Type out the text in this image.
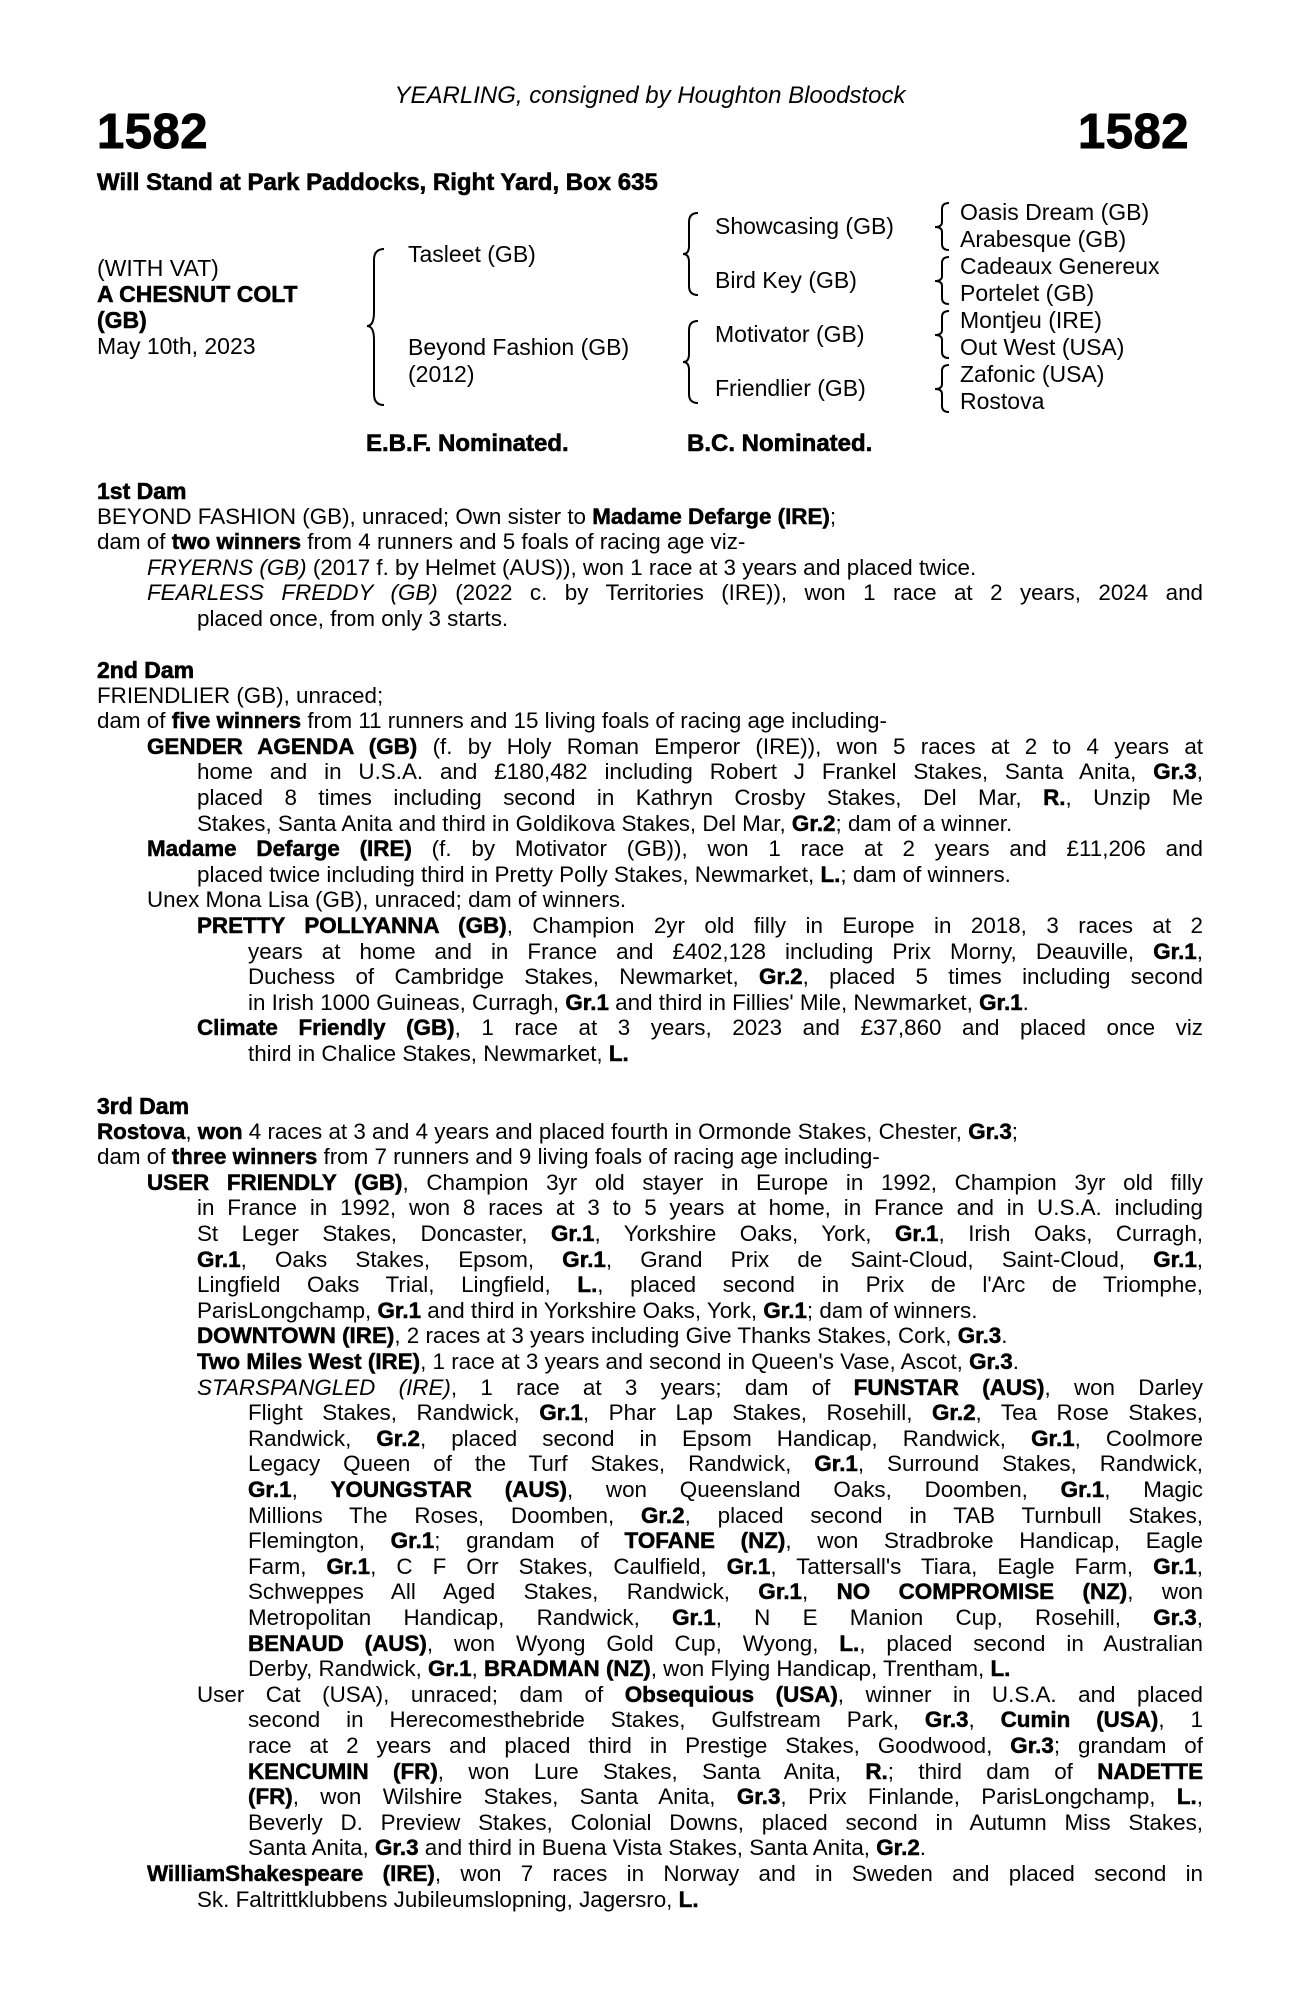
YEARLING, consigned by Houghton Bloodstock
1582	1582
Will Stand at Park Paddocks, Right Yard, Box 635
(WITH VAT)
A CHESNUT COLT
(GB)
May 10th, 2023
Tasleet (GB)
Beyond Fashion (GB)
(2012)
Showcasing (GB)
Bird Key (GB)
Motivator (GB)
Friendlier (GB)
Oasis Dream (GB)
Arabesque (GB)
Cadeaux Genereux
Portelet (GB)
Montjeu (IRE)
Out West (USA)
Zafonic (USA)
Rostova
E.B.F. Nominated.	B.C. Nominated.
1st Dam
BEYOND FASHION (GB), unraced; Own sister to Madame Defarge (IRE);
dam of two winners from 4 runners and 5 foals of racing age viz-
FRYERNS (GB) (2017 f. by Helmet (AUS)), won 1 race at 3 years and placed twice.
FEARLESS FREDDY (GB) (2022 c. by Territories (IRE)), won 1 race at 2 years, 2024 and
placed once, from only 3 starts.
2nd Dam
FRIENDLIER (GB), unraced;
dam of five winners from 11 runners and 15 living foals of racing age including-
GENDER AGENDA (GB) (f. by Holy Roman Emperor (IRE)), won 5 races at 2 to 4 years at
home and in U.S.A. and £180,482 including Robert J Frankel Stakes, Santa Anita, Gr.3,
placed 8 times including second in Kathryn Crosby Stakes, Del Mar, R., Unzip Me
Stakes, Santa Anita and third in Goldikova Stakes, Del Mar, Gr.2; dam of a winner.
Madame Defarge (IRE) (f. by Motivator (GB)), won 1 race at 2 years and £11,206 and
placed twice including third in Pretty Polly Stakes, Newmarket, L.; dam of winners.
Unex Mona Lisa (GB), unraced; dam of winners.
PRETTY POLLYANNA (GB), Champion 2yr old filly in Europe in 2018, 3 races at 2
years at home and in France and £402,128 including Prix Morny, Deauville, Gr.1,
Duchess of Cambridge Stakes, Newmarket, Gr.2, placed 5 times including second
in Irish 1000 Guineas, Curragh, Gr.1 and third in Fillies' Mile, Newmarket, Gr.1.
Climate Friendly (GB), 1 race at 3 years, 2023 and £37,860 and placed once viz
third in Chalice Stakes, Newmarket, L.
3rd Dam
Rostova, won 4 races at 3 and 4 years and placed fourth in Ormonde Stakes, Chester, Gr.3;
dam of three winners from 7 runners and 9 living foals of racing age including-
USER FRIENDLY (GB), Champion 3yr old stayer in Europe in 1992, Champion 3yr old filly
in France in 1992, won 8 races at 3 to 5 years at home, in France and in U.S.A. including
St Leger Stakes, Doncaster, Gr.1, Yorkshire Oaks, York, Gr.1, Irish Oaks, Curragh,
Gr.1, Oaks Stakes, Epsom, Gr.1, Grand Prix de Saint-Cloud, Saint-Cloud, Gr.1,
Lingfield Oaks Trial, Lingfield, L., placed second in Prix de l'Arc de Triomphe,
ParisLongchamp, Gr.1 and third in Yorkshire Oaks, York, Gr.1; dam of winners.
DOWNTOWN (IRE), 2 races at 3 years including Give Thanks Stakes, Cork, Gr.3.
Two Miles West (IRE), 1 race at 3 years and second in Queen's Vase, Ascot, Gr.3.
STARSPANGLED (IRE), 1 race at 3 years; dam of FUNSTAR (AUS), won Darley
Flight Stakes, Randwick, Gr.1, Phar Lap Stakes, Rosehill, Gr.2, Tea Rose Stakes,
Randwick, Gr.2, placed second in Epsom Handicap, Randwick, Gr.1, Coolmore
Legacy Queen of the Turf Stakes, Randwick, Gr.1, Surround Stakes, Randwick,
Gr.1, YOUNGSTAR (AUS), won Queensland Oaks, Doomben, Gr.1, Magic
Millions The Roses, Doomben, Gr.2, placed second in TAB Turnbull Stakes,
Flemington, Gr.1; grandam of TOFANE (NZ), won Stradbroke Handicap, Eagle
Farm, Gr.1, C F Orr Stakes, Caulfield, Gr.1, Tattersall's Tiara, Eagle Farm, Gr.1,
Schweppes All Aged Stakes, Randwick, Gr.1, NO COMPROMISE (NZ), won
Metropolitan Handicap, Randwick, Gr.1, N E Manion Cup, Rosehill, Gr.3,
BENAUD (AUS), won Wyong Gold Cup, Wyong, L., placed second in Australian
Derby, Randwick, Gr.1, BRADMAN (NZ), won Flying Handicap, Trentham, L.
User Cat (USA), unraced; dam of Obsequious (USA), winner in U.S.A. and placed
second in Herecomesthebride Stakes, Gulfstream Park, Gr.3, Cumin (USA), 1
race at 2 years and placed third in Prestige Stakes, Goodwood, Gr.3; grandam of
KENCUMIN (FR), won Lure Stakes, Santa Anita, R.; third dam of NADETTE
(FR), won Wilshire Stakes, Santa Anita, Gr.3, Prix Finlande, ParisLongchamp, L.,
Beverly D. Preview Stakes, Colonial Downs, placed second in Autumn Miss Stakes,
Santa Anita, Gr.3 and third in Buena Vista Stakes, Santa Anita, Gr.2.
WilliamShakespeare (IRE), won 7 races in Norway and in Sweden and placed second in
Sk. Faltrittklubbens Jubileumslopning, Jagersro, L.
